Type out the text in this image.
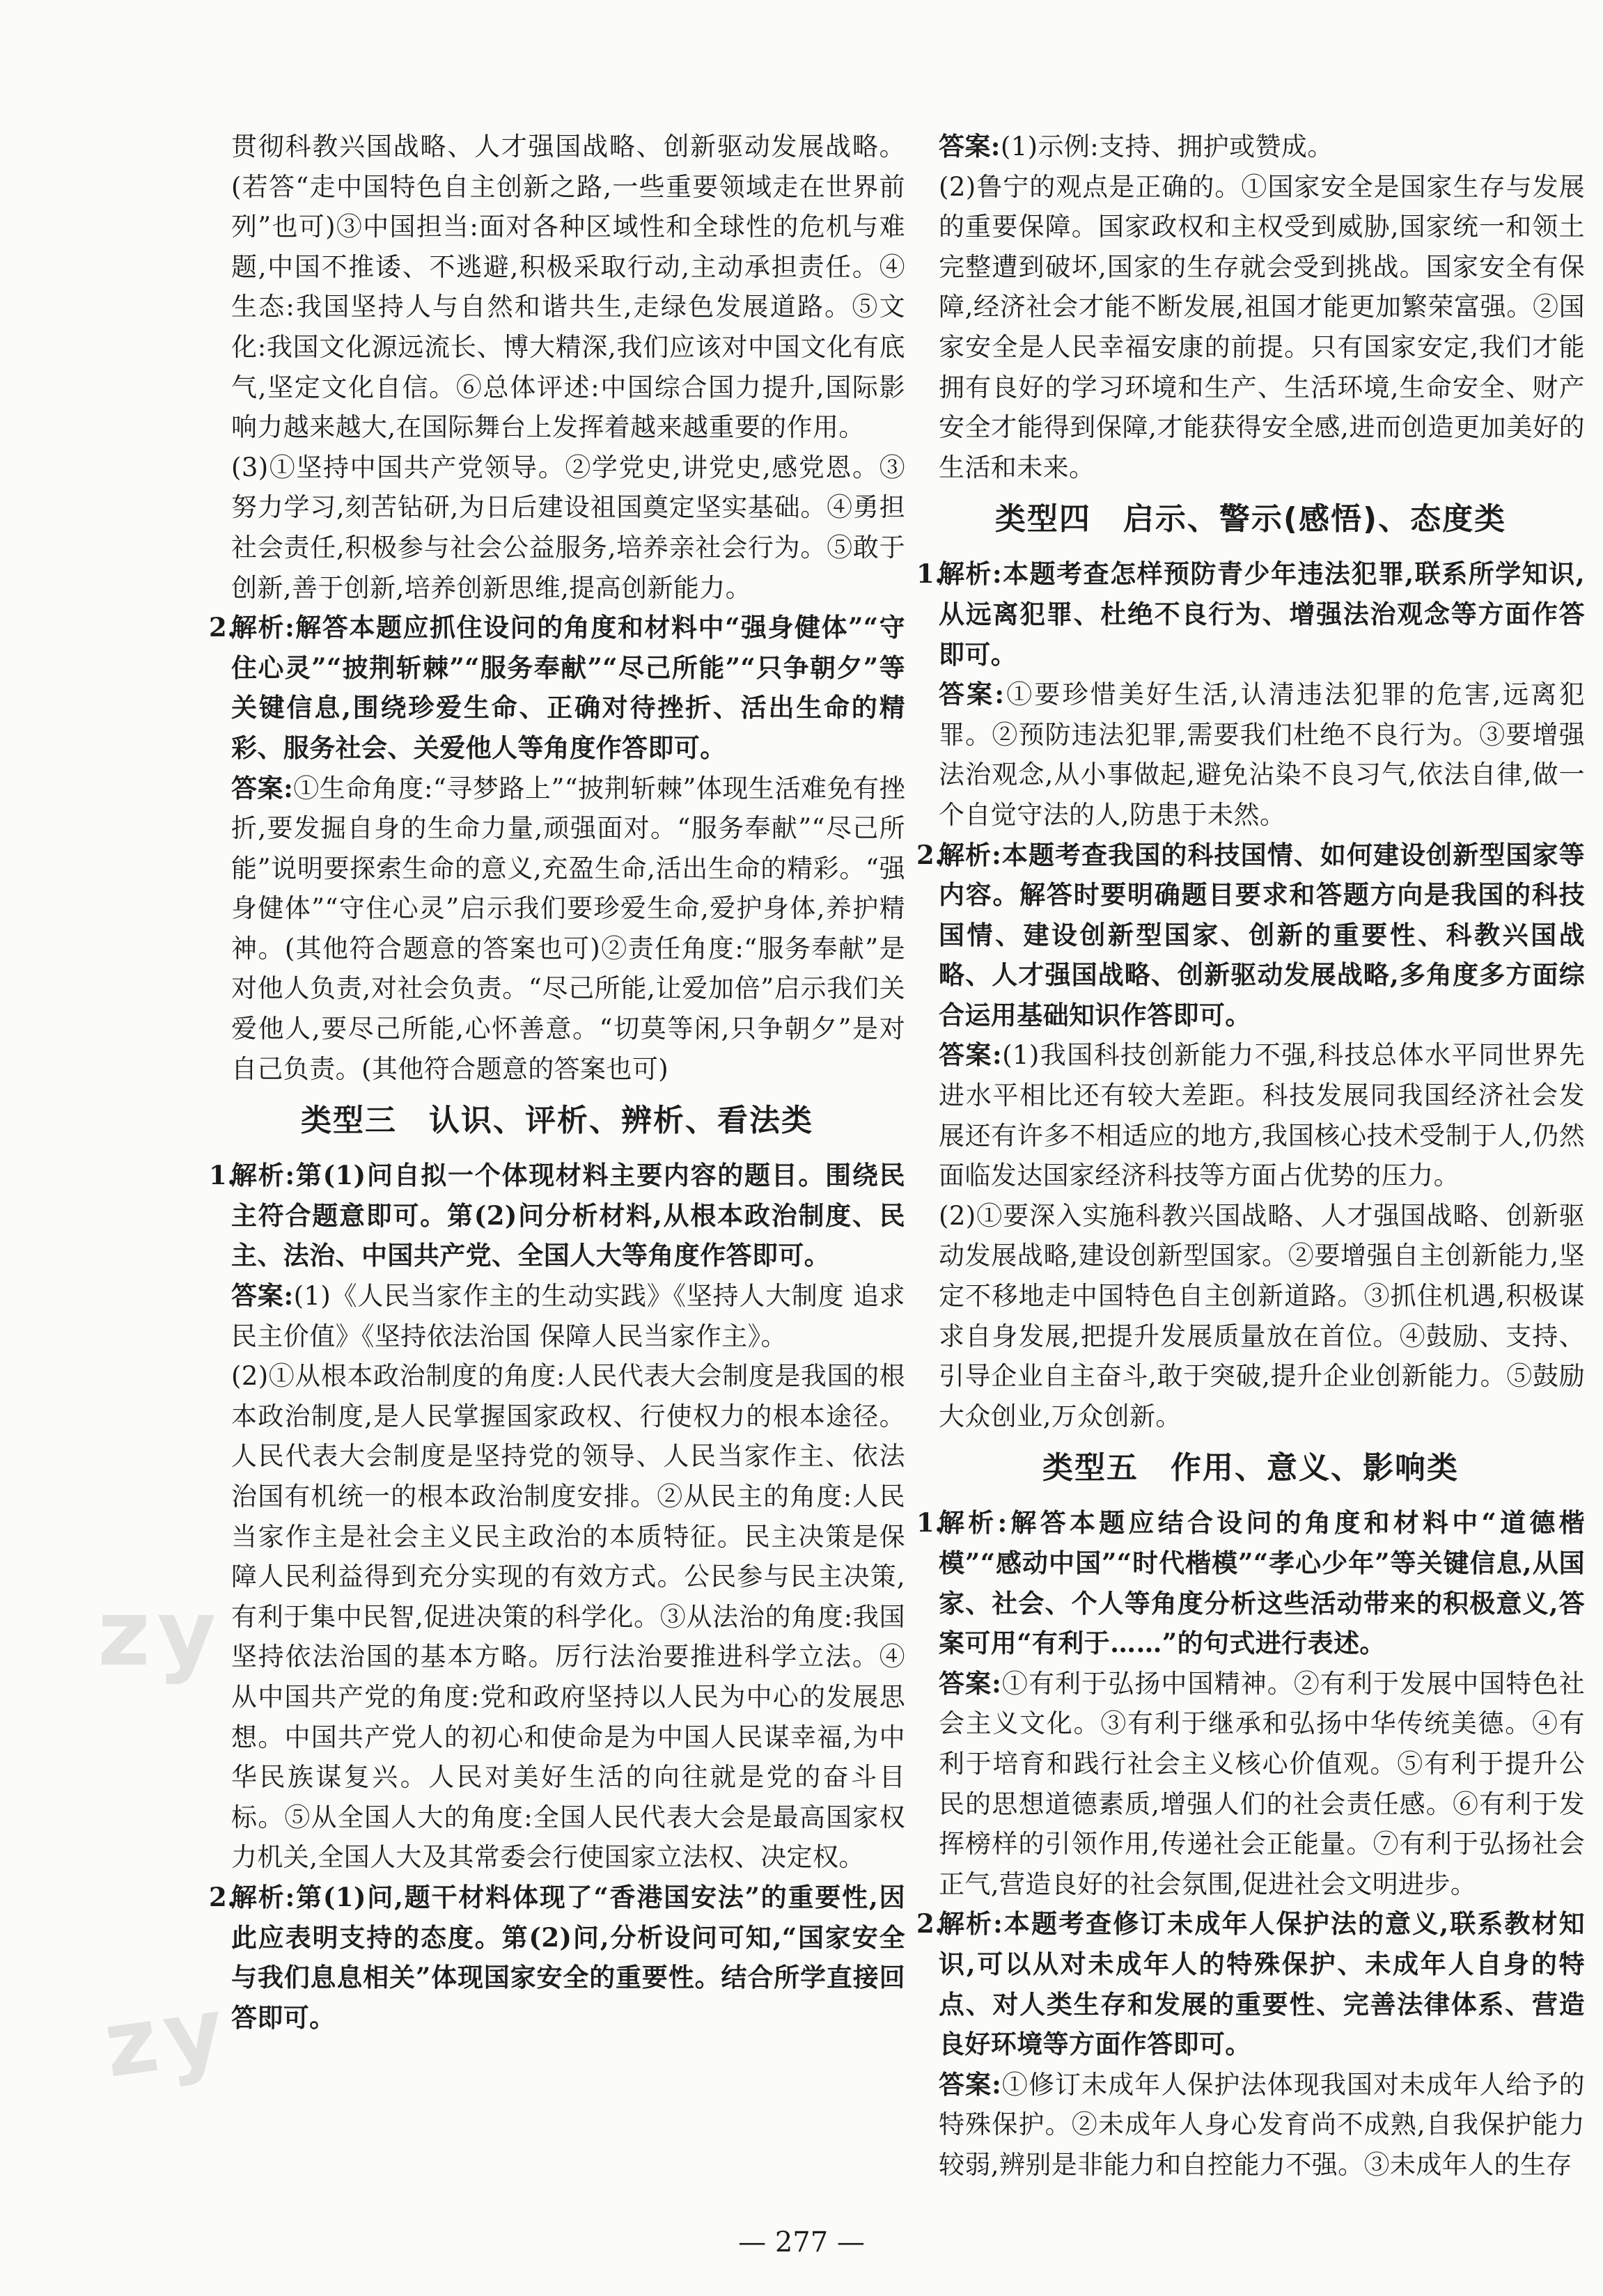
zy
zy

贯彻科教兴国战略、人才强国战略、创新驱动发展战略。(若答“走中国特色自主创新之路,一些重要领域走在世界前列”也可)③中国担当:面对各种区域性和全球性的危机与难题,中国不推诿、不逃避,积极采取行动,主动承担责任。④生态:我国坚持人与自然和谐共生,走绿色发展道路。⑤文化:我国文化源远流长、博大精深,我们应该对中国文化有底气,坚定文化自信。⑥总体评述:中国综合国力提升,国际影响力越来越大,在国际舞台上发挥着越来越重要的作用。

(3)①坚持中国共产党领导。②学党史,讲党史,感党恩。③努力学习,刻苦钻研,为日后建设祖国奠定坚实基础。④勇担社会责任,积极参与社会公益服务,培养亲社会行为。⑤敢于创新,善于创新,培养创新思维,提高创新能力。

2.
解析:解答本题应抓住设问的角度和材料中“强身健体”“守住心灵”“披荆斩棘”“服务奉献”“尽己所能”“只争朝夕”等关键信息,围绕珍爱生命、正确对待挫折、活出生命的精彩、服务社会、关爱他人等角度作答即可。
答案:①生命角度:“寻梦路上”“披荆斩棘”体现生活难免有挫折,要发掘自身的生命力量,顽强面对。“服务奉献”“尽己所能”说明要探索生命的意义,充盈生命,活出生命的精彩。“强身健体”“守住心灵”启示我们要珍爱生命,爱护身体,养护精神。(其他符合题意的答案也可)②责任角度:“服务奉献”是对他人负责,对社会负责。“尽己所能,让爱加倍”启示我们关爱他人,要尽己所能,心怀善意。“切莫等闲,只争朝夕”是对自己负责。(其他符合题意的答案也可)
类型三　认识、评析、辨析、看法类
1.
解析:第(1)问自拟一个体现材料主要内容的题目。围绕民主符合题意即可。第(2)问分析材料,从根本政治制度、民主、法治、中国共产党、全国人大等角度作答即可。
答案:(1)《人民当家作主的生动实践》《坚持人大制度 追求民主价值》《坚持依法治国 保障人民当家作主》。
(2)①从根本政治制度的角度:人民代表大会制度是我国的根本政治制度,是人民掌握国家政权、行使权力的根本途径。人民代表大会制度是坚持党的领导、人民当家作主、依法治国有机统一的根本政治制度安排。②从民主的角度:人民当家作主是社会主义民主政治的本质特征。民主决策是保障人民利益得到充分实现的有效方式。公民参与民主决策,有利于集中民智,促进决策的科学化。③从法治的角度:我国坚持依法治国的基本方略。厉行法治要推进科学立法。④从中国共产党的角度:党和政府坚持以人民为中心的发展思想。中国共产党人的初心和使命是为中国人民谋幸福,为中华民族谋复兴。人民对美好生活的向往就是党的奋斗目标。⑤从全国人大的角度:全国人民代表大会是最高国家权力机关,全国人大及其常委会行使国家立法权、决定权。
2.
解析:第(1)问,题干材料体现了“香港国安法”的重要性,因此应表明支持的态度。第(2)问,分析设问可知,“国家安全与我们息息相关”体现国家安全的重要性。结合所学直接回答即可。
答案:(1)示例:支持、拥护或赞成。

(2)鲁宁的观点是正确的。①国家安全是国家生存与发展的重要保障。国家政权和主权受到威胁,国家统一和领土完整遭到破坏,国家的生存就会受到挑战。国家安全有保障,经济社会才能不断发展,祖国才能更加繁荣富强。②国家安全是人民幸福安康的前提。只有国家安定,我们才能拥有良好的学习环境和生产、生活环境,生命安全、财产安全才能得到保障,才能获得安全感,进而创造更加美好的生活和未来。

类型四　启示、警示(感悟)、态度类
1.
解析:本题考查怎样预防青少年违法犯罪,联系所学知识,从远离犯罪、杜绝不良行为、增强法治观念等方面作答即可。
答案:①要珍惜美好生活,认清违法犯罪的危害,远离犯罪。②预防违法犯罪,需要我们杜绝不良行为。③要增强法治观念,从小事做起,避免沾染不良习气,依法自律,做一个自觉守法的人,防患于未然。
2.
解析:本题考查我国的科技国情、如何建设创新型国家等内容。解答时要明确题目要求和答题方向是我国的科技国情、建设创新型国家、创新的重要性、科教兴国战略、人才强国战略、创新驱动发展战略,多角度多方面综合运用基础知识作答即可。
答案:(1)我国科技创新能力不强,科技总体水平同世界先进水平相比还有较大差距。科技发展同我国经济社会发展还有许多不相适应的地方,我国核心技术受制于人,仍然面临发达国家经济科技等方面占优势的压力。
(2)①要深入实施科教兴国战略、人才强国战略、创新驱动发展战略,建设创新型国家。②要增强自主创新能力,坚定不移地走中国特色自主创新道路。③抓住机遇,积极谋求自身发展,把提升发展质量放在首位。④鼓励、支持、引导企业自主奋斗,敢于突破,提升企业创新能力。⑤鼓励大众创业,万众创新。
类型五　作用、意义、影响类
1.
解析:解答本题应结合设问的角度和材料中“道德楷模”“感动中国”“时代楷模”“孝心少年”等关键信息,从国家、社会、个人等角度分析这些活动带来的积极意义,答案可用“有利于……”的句式进行表述。
答案:①有利于弘扬中国精神。②有利于发展中国特色社会主义文化。③有利于继承和弘扬中华传统美德。④有利于培育和践行社会主义核心价值观。⑤有利于提升公民的思想道德素质,增强人们的社会责任感。⑥有利于发挥榜样的引领作用,传递社会正能量。⑦有利于弘扬社会正气,营造良好的社会氛围,促进社会文明进步。
2.
解析:本题考查修订未成年人保护法的意义,联系教材知识,可以从对未成年人的特殊保护、未成年人自身的特点、对人类生存和发展的重要性、完善法律体系、营造良好环境等方面作答即可。
答案:①修订未成年人保护法体现我国对未成年人给予的特殊保护。②未成年人身心发育尚不成熟,自我保护能力较弱,辨别是非能力和自控能力不强。③未成年人的生存
— 277 —
